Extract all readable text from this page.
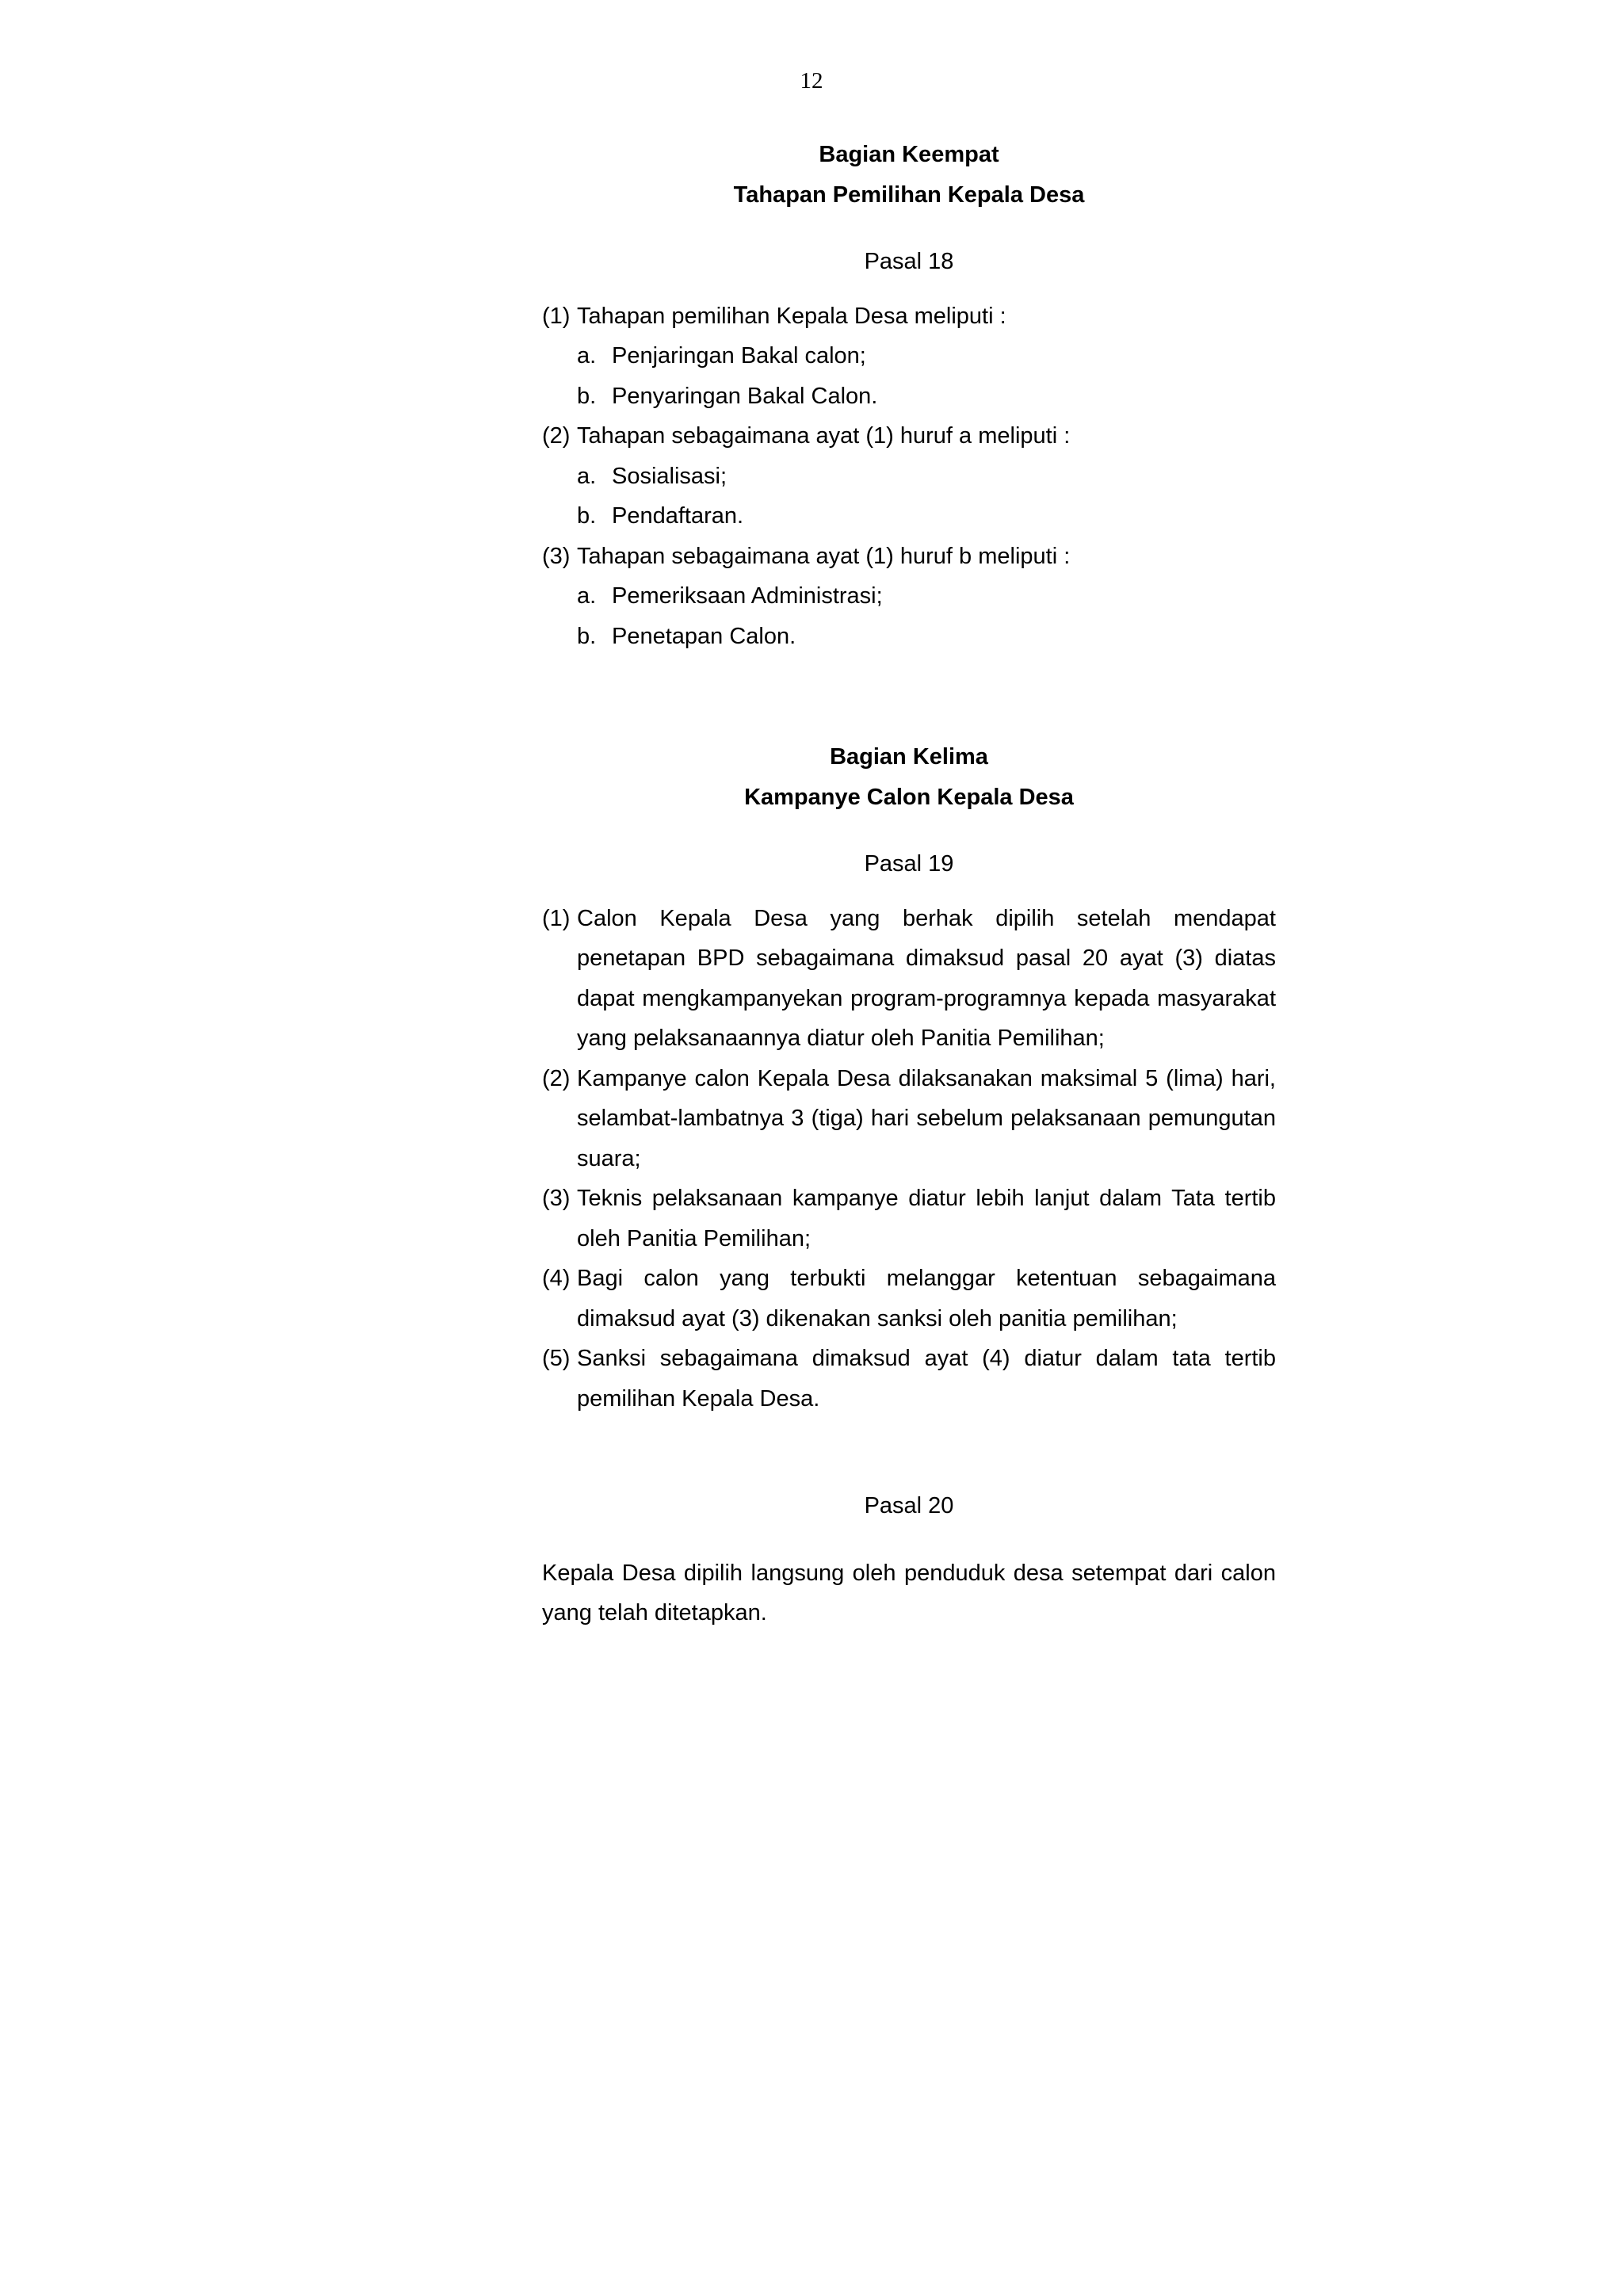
12

Bagian Keempat

Tahapan Pemilihan Kepala Desa

Pasal 18

(1) Tahapan pemilihan Kepala Desa meliputi :
a. Penjaringan Bakal calon;
b. Penyaringan Bakal Calon.
(2) Tahapan sebagaimana ayat (1) huruf a meliputi :
a. Sosialisasi;
b. Pendaftaran.
(3) Tahapan sebagaimana ayat (1) huruf b meliputi :
a. Pemeriksaan Administrasi;
b. Penetapan Calon.

Bagian Kelima

Kampanye Calon Kepala Desa

Pasal 19

(1) Calon Kepala Desa yang berhak dipilih setelah mendapat penetapan BPD sebagaimana dimaksud pasal 20 ayat (3) diatas dapat mengkampanyekan program-programnya kepada masyarakat yang pelaksanaannya diatur oleh Panitia Pemilihan;
(2) Kampanye calon Kepala Desa dilaksanakan maksimal 5 (lima) hari, selambat-lambatnya 3 (tiga) hari sebelum pelaksanaan pemungutan suara;
(3) Teknis pelaksanaan kampanye diatur lebih lanjut dalam Tata tertib oleh Panitia Pemilihan;
(4) Bagi calon yang terbukti melanggar ketentuan sebagaimana dimaksud ayat (3) dikenakan sanksi oleh panitia pemilihan;
(5) Sanksi sebagaimana dimaksud ayat (4) diatur dalam tata tertib pemilihan Kepala Desa.

Pasal 20

Kepala Desa dipilih langsung oleh penduduk desa setempat dari calon yang telah ditetapkan.
